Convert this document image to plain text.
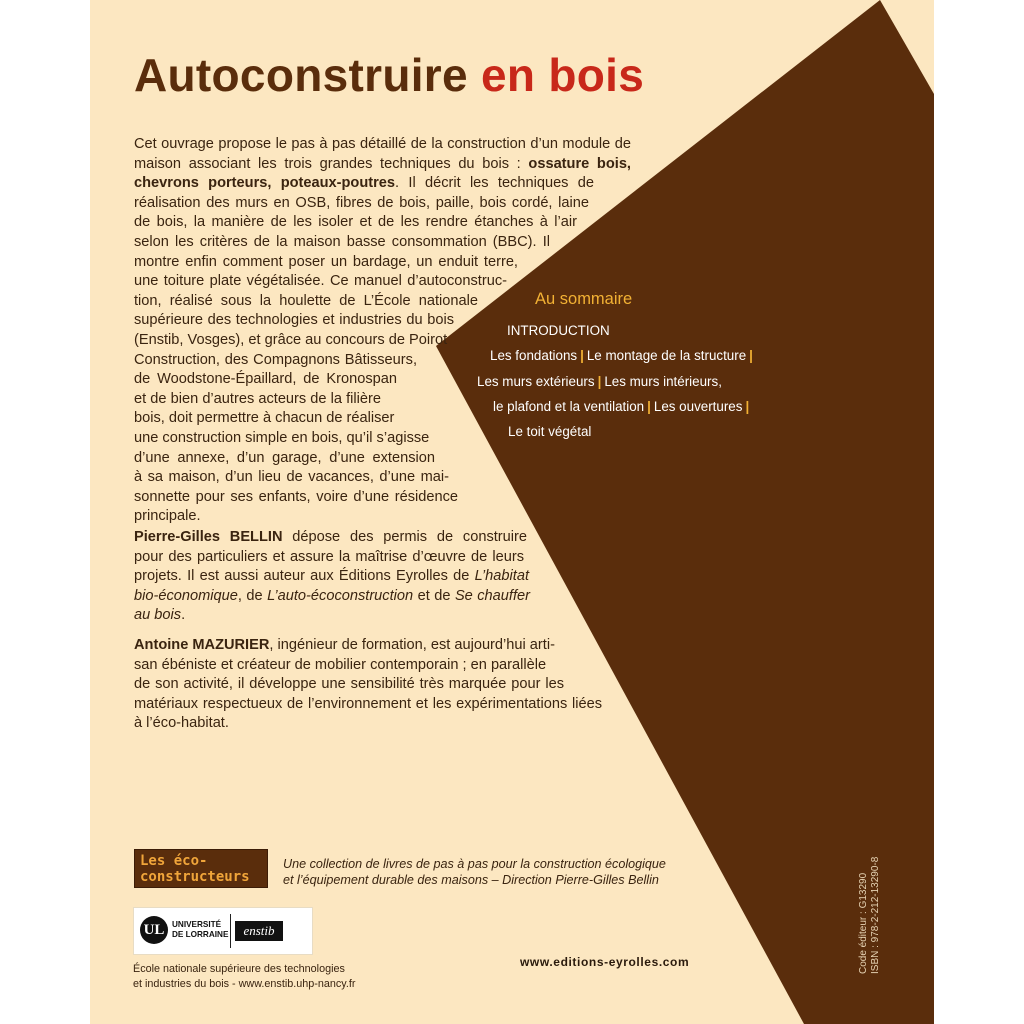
Autoconstruire en bois
Cet ouvrage propose le pas à pas détaillé de la construction d’un module de
maison associant les trois grandes techniques du bois : ossature bois,
chevrons porteurs, poteaux-poutres. Il décrit les techniques de
réalisation des murs en OSB, fibres de bois, paille, bois cordé, laine
de bois, la manière de les isoler et de les rendre étanches à l’air
selon les critères de la maison basse consommation (BBC). Il
montre enfin comment poser un bardage, un enduit terre,
une toiture plate végétalisée. Ce manuel d’autoconstruc-
tion, réalisé sous la houlette de L’École nationale
supérieure des technologies et industries du bois
(Enstib, Vosges), et grâce au concours de Poirot
Construction, des Compagnons Bâtisseurs,
de Woodstone-Épaillard, de Kronospan
et de bien d’autres acteurs de la filière
bois, doit permettre à chacun de réaliser
une construction simple en bois, qu’il s’agisse
d’une annexe, d’un garage, d’une extension
à sa maison, d’un lieu de vacances, d’une mai-
sonnette pour ses enfants, voire d’une résidence
principale.
Pierre-Gilles BELLIN dépose des permis de construire
pour des particuliers et assure la maîtrise d’œuvre de leurs
projets. Il est aussi auteur aux Éditions Eyrolles de L’habitat
bio-économique, de L’auto-écoconstruction et de Se chauffer
au bois.
Antoine MAZURIER, ingénieur de formation, est aujourd’hui arti-
san ébéniste et créateur de mobilier contemporain ; en parallèle
de son activité, il développe une sensibilité très marquée pour les
matériaux respectueux de l’environnement et les expérimentations liées
à l’éco-habitat.
Au sommaire
INTRODUCTION
Les fondations | Le montage de la structure |
Les murs extérieurs | Les murs intérieurs,
le plafond et la ventilation | Les ouvertures |
Le toit végétal
Les éco-
constructeurs
Une collection de livres de pas à pas pour la construction écologique
et l’équipement durable des maisons – Direction Pierre-Gilles Bellin
UL UNIVERSITÉ
DE LORRAINE	enstib
École nationale supérieure des technologies
et industries du bois - www.enstib.uhp-nancy.fr
www.editions-eyrolles.com	Code éditeur : G13290 ISBN : 978-2-212-13290-8
